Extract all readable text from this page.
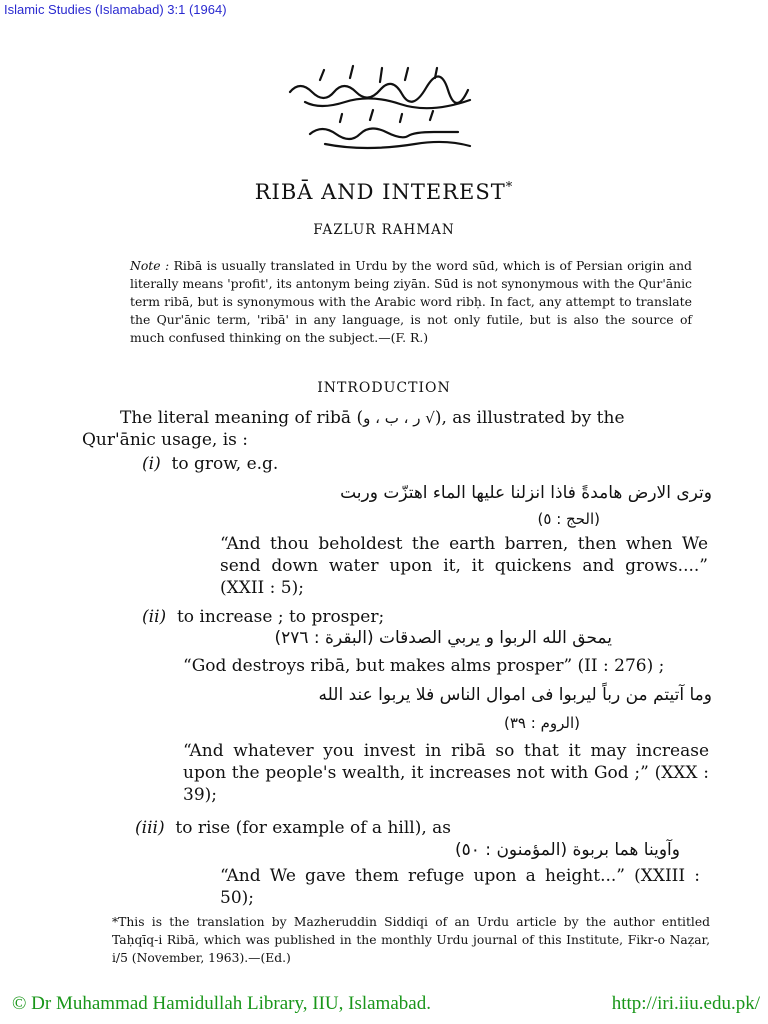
Islamic Studies (Islamabad) 3:1 (1964)
RIBĀ AND INTEREST*
FAZLUR RAHMAN
Note : Ribā is usually translated in Urdu by the word sūd, which is of Persian origin and literally means 'profit', its antonym being ziyān. Sūd is not synonymous with the Qur'ānic term ribā, but is synonymous with the Arabic word ribḥ. In fact, any attempt to translate the Qur'ānic term, 'ribā' in any language, is not only futile, but is also the source of much confused thinking on the subject.—(F. R.)
INTRODUCTION
The literal meaning of ribā (ر ، ب ، و √), as illustrated by the
Qur'ānic usage, is :
(i) to grow, e.g.
وترى الارض هامدةً فاذا انزلنا عليها الماء اهتزّت وربت
(الحج : ٥)
“And thou beholdest the earth barren, then when We send down water upon it, it quickens and grows....” (XXII : 5);
(ii) to increase ; to prosper;
يمحق الله الربوا و يربي الصدقات (البقرة : ٢٧٦)
“God destroys ribā, but makes alms prosper” (II : 276) ;
وما آتيتم من رباً ليربوا فى اموال الناس فلا يربوا عند الله
(الروم : ٣٩)
“And whatever you invest in ribā so that it may increase upon the people's wealth, it increases not with God ;” (XXX : 39);
(iii) to rise (for example of a hill), as
وآوينا هما بربوة (المؤمنون : ٥٠)
“And We gave them refuge upon a height...” (XXIII : 50);
*This is the translation by Mazheruddin Siddiqi of an Urdu article by the author entitled Taḥqīq-i Ribā, which was published in the monthly Urdu journal of this Institute, Fikr-o Naẓar, i/5 (November, 1963).—(Ed.)
© Dr Muhammad Hamidullah Library, IIU, Islamabad.	http://iri.iiu.edu.pk/
